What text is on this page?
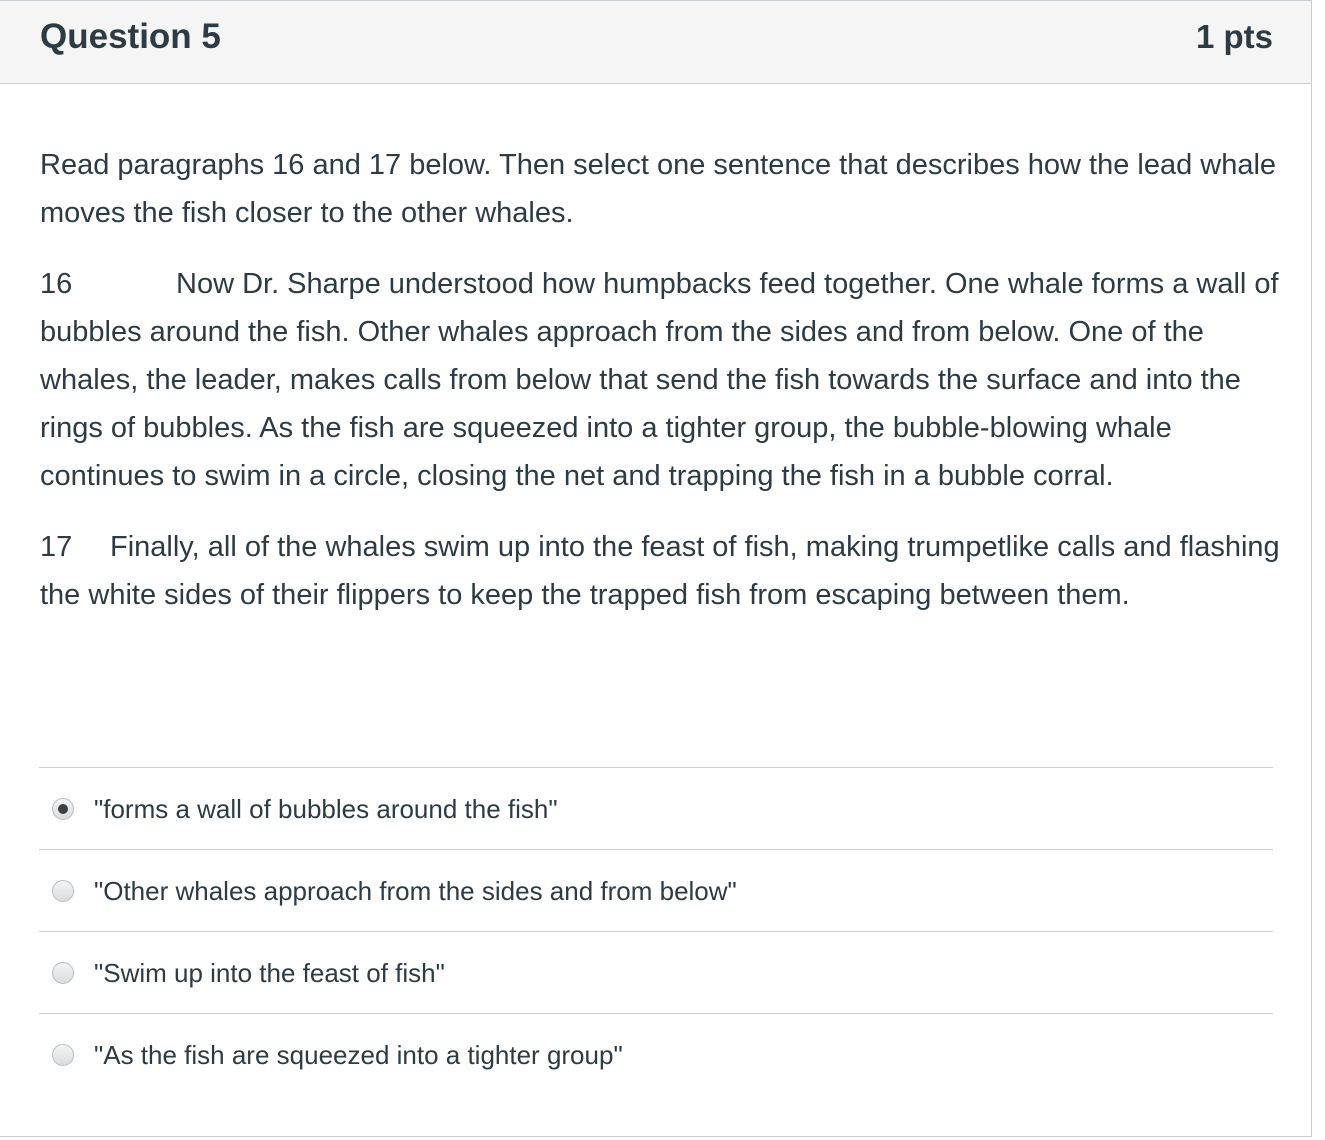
Question 5	1 pts

Read paragraphs 16 and 17 below. Then select one sentence that describes how the lead whale moves the fish closer to the other whales.

16	Now Dr. Sharpe understood how humpbacks feed together. One whale forms a wall of bubbles around the fish. Other whales approach from the sides and from below. One of the whales, the leader, makes calls from below that send the fish towards the surface and into the rings of bubbles. As the fish are squeezed into a tighter group, the bubble-blowing whale continues to swim in a circle, closing the net and trapping the fish in a bubble corral.

17 Finally, all of the whales swim up into the feast of fish, making trumpetlike calls and flashing the white sides of their flippers to keep the trapped fish from escaping between them.

"forms a wall of bubbles around the fish"
"Other whales approach from the sides and from below"
"Swim up into the feast of fish"
"As the fish are squeezed into a tighter group"
